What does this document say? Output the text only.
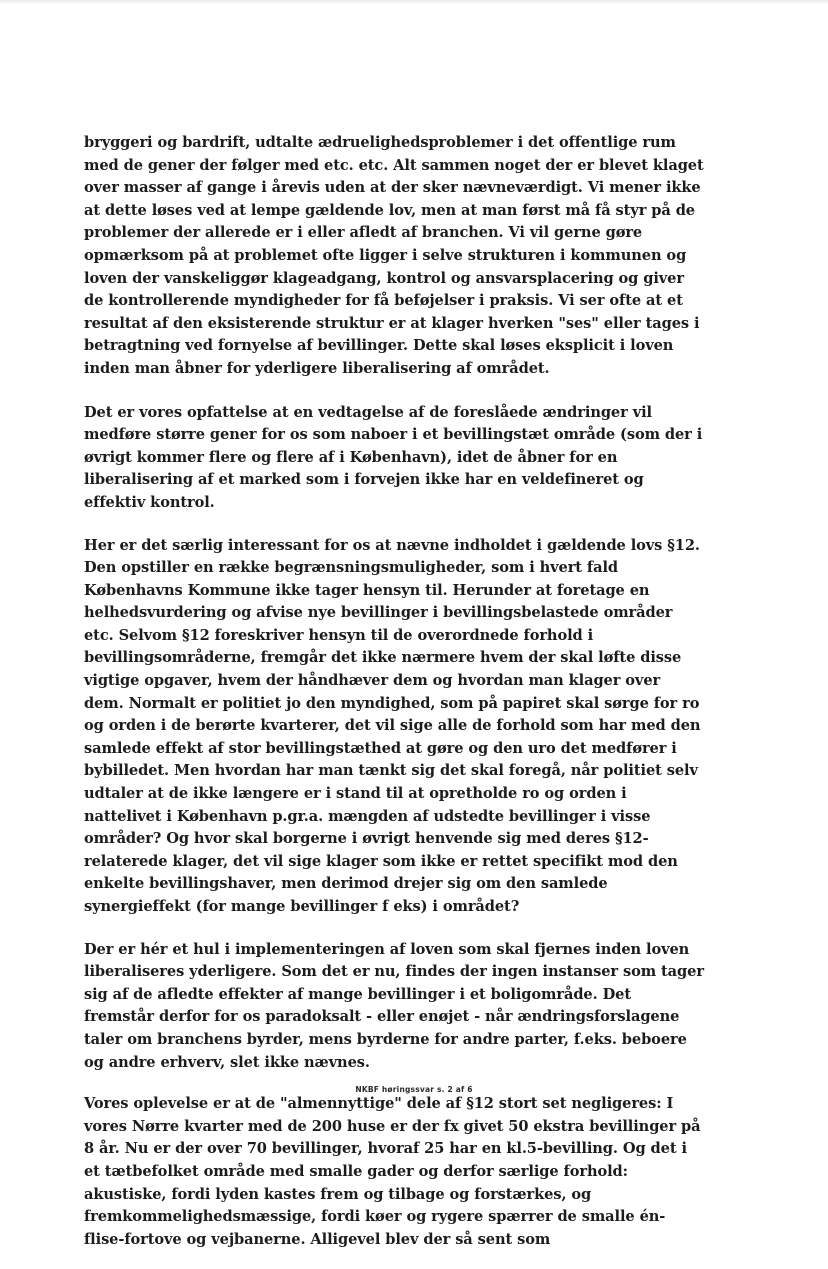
bryggeri og bardrift, udtalte ædruelighedsproblemer i det offentlige rum med de gener der følger med etc. etc. Alt sammen noget der er blevet klaget over masser af gange i årevis uden at der sker nævneværdigt. Vi mener ikke at dette løses ved at lempe gældende lov, men at man først må få styr på de problemer der allerede er i eller afledt af branchen. Vi vil gerne gøre opmærksom på at problemet ofte ligger i selve strukturen i kommunen og loven der vanskeliggør klageadgang, kontrol og ansvarsplacering og giver de kontrollerende myndigheder for få beføjelser i praksis. Vi ser ofte at et resultat af den eksisterende struktur er at klager hverken "ses" eller tages i betragtning ved fornyelse af bevillinger. Dette skal løses eksplicit i loven inden man åbner for yderligere liberalisering af området.

Det er vores opfattelse at en vedtagelse af de foreslåede ændringer vil medføre større gener for os som naboer i et bevillingstæt område (som der i øvrigt kommer flere og flere af i København), idet de åbner for en liberalisering af et marked som i forvejen ikke har en veldefineret og effektiv kontrol.

Her er det særlig interessant for os at nævne indholdet i gældende lovs §12. Den opstiller en række begrænsningsmuligheder, som i hvert fald Københavns Kommune ikke tager hensyn til. Herunder at foretage en helhedsvurdering og afvise nye bevillinger i bevillingsbelastede områder etc. Selvom §12 foreskriver hensyn til de overordnede forhold i bevillingsområderne, fremgår det ikke nærmere hvem der skal løfte disse vigtige opgaver, hvem der håndhæver dem og hvordan man klager over dem. Normalt er politiet jo den myndighed, som på papiret skal sørge for ro og orden i de berørte kvarterer, det vil sige alle de forhold som har med den samlede effekt af stor bevillingstæthed at gøre og den uro det medfører i bybilledet. Men hvordan har man tænkt sig det skal foregå, når politiet selv udtaler at de ikke længere er i stand til at opretholde ro og orden i nattelivet i København p.gr.a. mængden af udstedte bevillinger i visse områder? Og hvor skal borgerne i øvrigt henvende sig med deres §12-relaterede klager, det vil sige klager som ikke er rettet specifikt mod den enkelte bevillingshaver, men derimod drejer sig om den samlede synergieffekt (for mange bevillinger f eks) i området?

Der er hér et hul i implementeringen af loven som skal fjernes inden loven liberaliseres yderligere. Som det er nu, findes der ingen instanser som tager sig af de afledte effekter af mange bevillinger i et boligområde. Det fremstår derfor for os paradoksalt - eller enøjet - når ændringsforslagene taler om branchens byrder, mens byrderne for andre parter, f.eks. beboere og andre erhverv, slet ikke nævnes.

Vores oplevelse er at de "almennyttige" dele af §12 stort set negligeres: I vores Nørre kvarter med de 200 huse er der fx givet 50 ekstra bevillinger på 8 år. Nu er der over 70 bevillinger, hvoraf 25 har en kl.5-bevilling. Og det i et tætbefolket område med smalle gader og derfor særlige forhold: akustiske, fordi lyden kastes frem og tilbage og forstærkes, og fremkommelighedsmæssige, fordi køer og rygere spærrer de smalle én-flise-fortove og vejbanerne. Alligevel blev der så sent som

NKBF høringssvar s. 2 af 6
